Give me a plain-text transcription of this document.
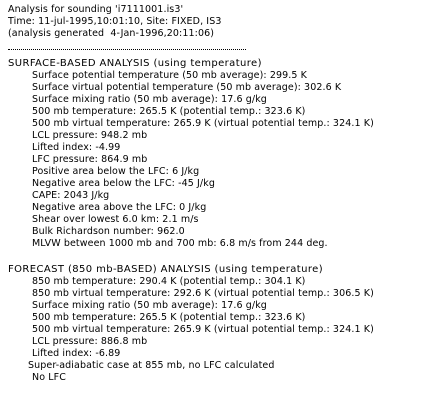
Analysis for sounding 'i7111001.is3'
Time: 11-jul-1995,10:01:10, Site: FIXED, IS3
(analysis generated  4-Jan-1996,20:11:06)
SURFACE-BASED ANALYSIS (using temperature)
Surface potential temperature (50 mb average): 299.5 K
Surface virtual potential temperature (50 mb average): 302.6 K
Surface mixing ratio (50 mb average): 17.6 g/kg
500 mb temperature: 265.5 K (potential temp.: 323.6 K)
500 mb virtual temperature: 265.9 K (virtual potential temp.: 324.1 K)
LCL pressure: 948.2 mb
Lifted index: -4.99
LFC pressure: 864.9 mb
Positive area below the LFC: 6 J/kg
Negative area below the LFC: -45 J/kg
CAPE: 2043 J/kg
Negative area above the LFC: 0 J/kg
Shear over lowest 6.0 km: 2.1 m/s
Bulk Richardson number: 962.0
MLVW between 1000 mb and 700 mb: 6.8 m/s from 244 deg.
FORECAST (850 mb-BASED) ANALYSIS (using temperature)
850 mb temperature: 290.4 K (potential temp.: 304.1 K)
850 mb virtual temperature: 292.6 K (virtual potential temp.: 306.5 K)
Surface mixing ratio (50 mb average): 17.6 g/kg
500 mb temperature: 265.5 K (potential temp.: 323.6 K)
500 mb virtual temperature: 265.9 K (virtual potential temp.: 324.1 K)
LCL pressure: 886.8 mb
Lifted index: -6.89
Super-adiabatic case at 855 mb, no LFC calculated
No LFC
